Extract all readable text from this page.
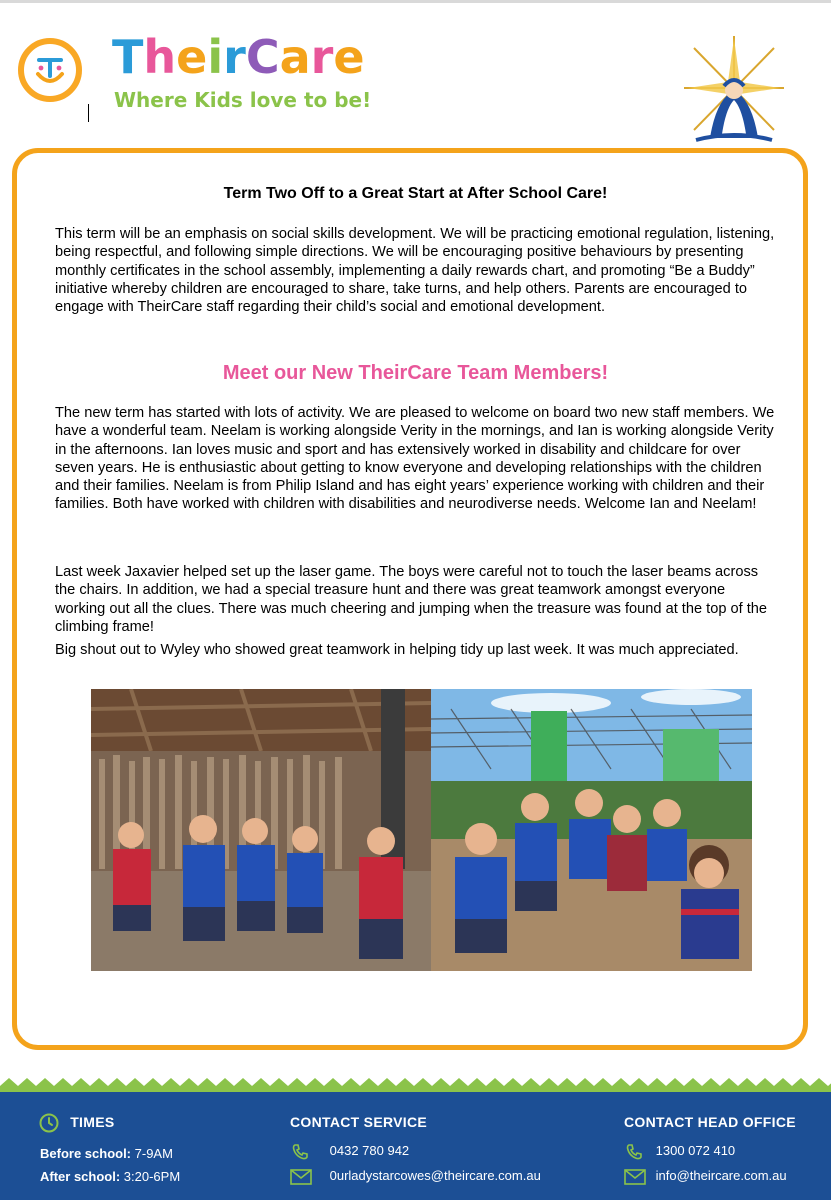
TheirCare
Where Kids love to be!
Term Two Off to a Great Start at After School Care!

This term will be an emphasis on social skills development. We will be practicing emotional regulation, listening, being respectful, and following simple directions. We will be encouraging positive behaviours by presenting monthly certificates in the school assembly, implementing a daily rewards chart, and promoting “Be a Buddy” initiative whereby children are encouraged to share, take turns, and help others. Parents are encouraged to engage with TheirCare staff regarding their child’s social and emotional development.

Meet our New TheirCare Team Members!

The new term has started with lots of activity. We are pleased to welcome on board two new staff members. We have a wonderful team. Neelam is working alongside Verity in the mornings, and Ian is working alongside Verity in the afternoons. Ian loves music and sport and has extensively worked in disability and childcare for over seven years. He is enthusiastic about getting to know everyone and developing relationships with the children and their families. Neelam is from Philip Island and has eight years’ experience working with children and their families. Both have worked with children with disabilities and neurodiverse needs. Welcome Ian and Neelam!

Last week Jaxavier helped set up the laser game. The boys were careful not to touch the laser beams across the chairs. In addition, we had a special treasure hunt and there was great teamwork amongst everyone working out all the clues. There was much cheering and jumping when the treasure was found at the top of the climbing frame!

Big shout out to Wyley who showed great teamwork in helping tidy up last week. It was much appreciated.

TIMES
Before school: 7-9AM
After school: 3:20-6PM
CONTACT SERVICE
0432 780 942
0urladystarcowes@theircare.com.au
CONTACT HEAD OFFICE
1300 072 410
info@theircare.com.au
